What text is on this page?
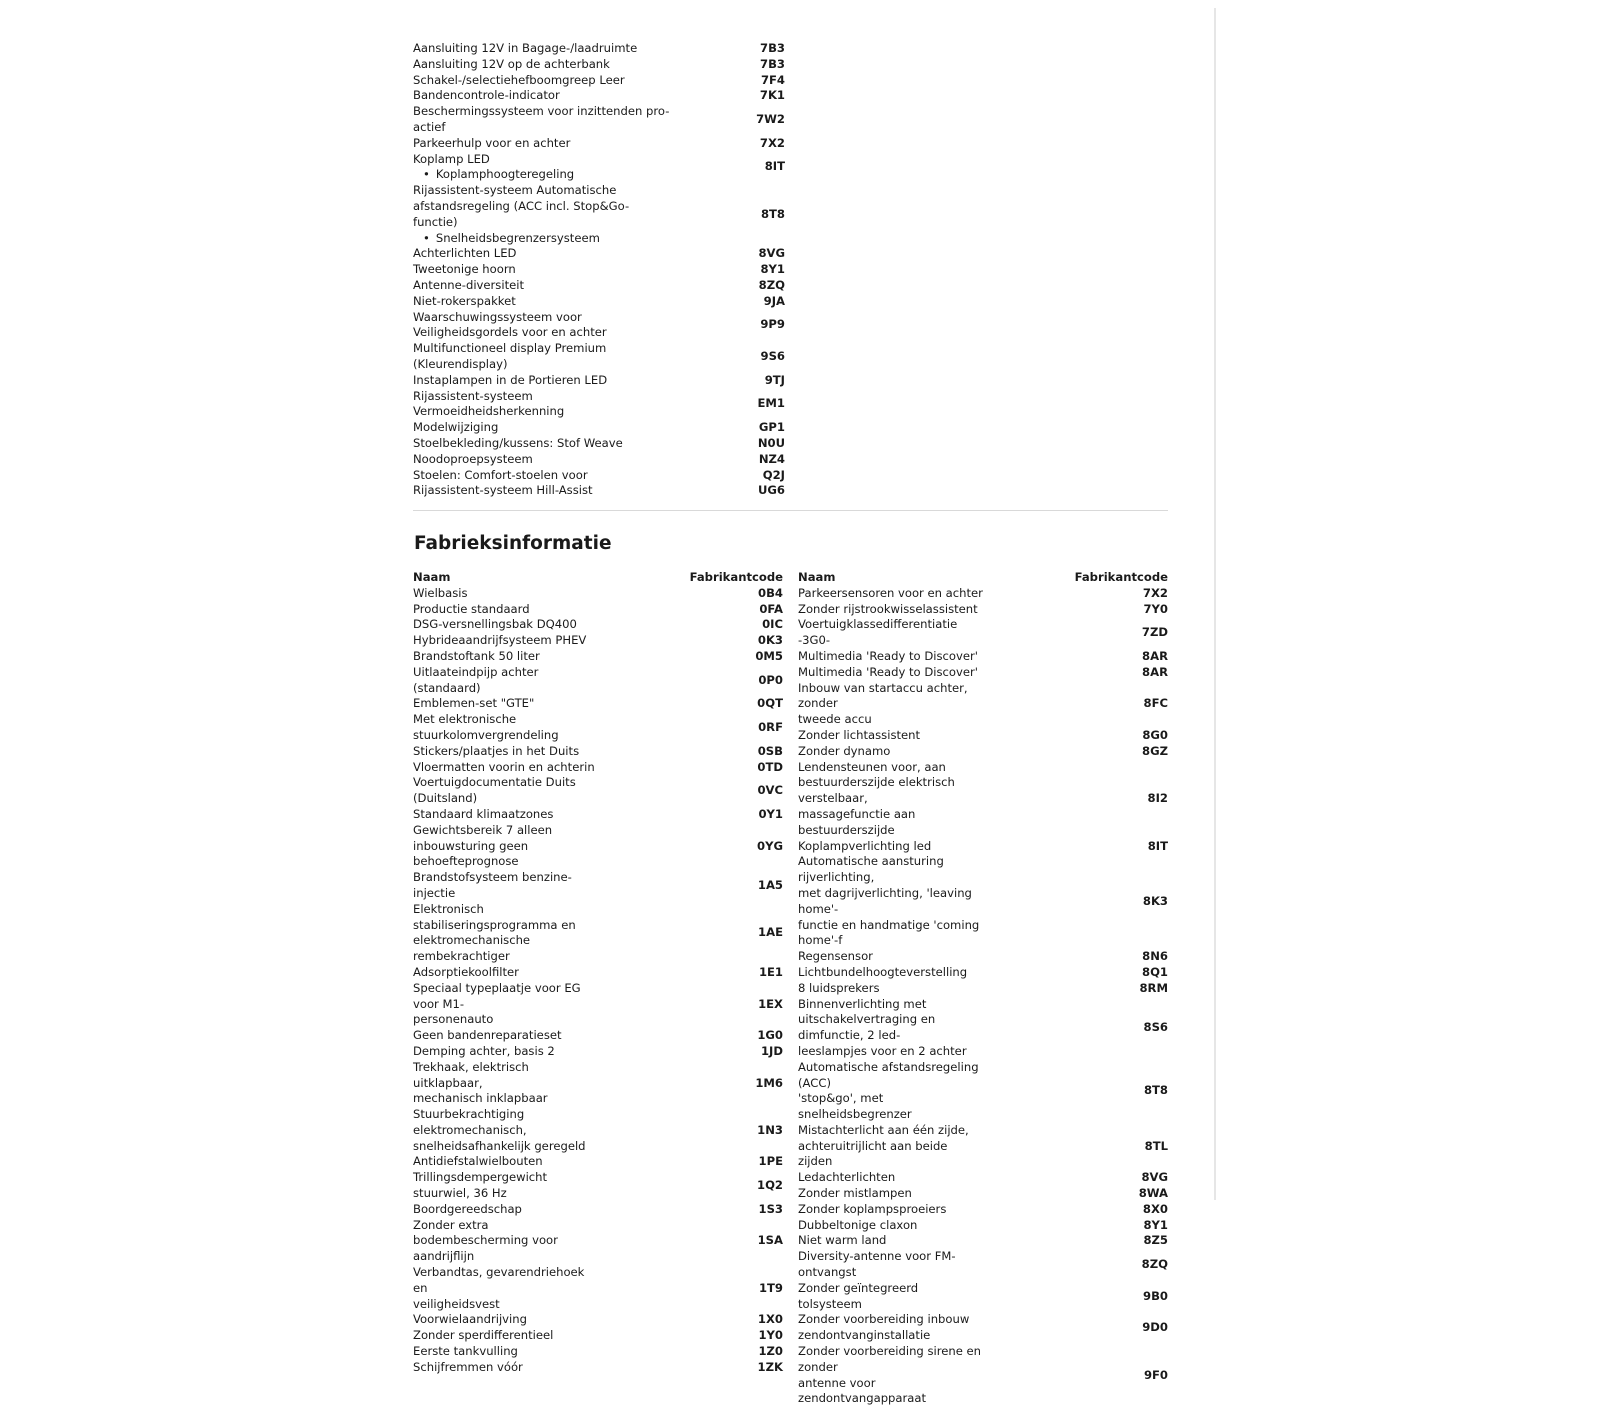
Aansluiting 12V in Bagage-/laadruimte	7B3

Aansluiting 12V op de achterbank	7B3

Schakel-/selectiehefboomgreep Leer	7F4

Bandencontrole-indicator	7K1

Beschermingssysteem voor inzittenden pro-
actief	7W2

Parkeerhulp voor en achter	7X2

Koplamp LED
• Koplamphoogteregeling	8IT

Rijassistent-systeem Automatische
afstandsregeling (ACC incl. Stop&Go-
functie)
• Snelheidsbegrenzersysteem	8T8

Achterlichten LED	8VG

Tweetonige hoorn	8Y1

Antenne-diversiteit	8ZQ

Niet-rokerspakket	9JA

Waarschuwingssysteem voor
Veiligheidsgordels voor en achter	9P9

Multifunctioneel display Premium
(Kleurendisplay)	9S6

Instaplampen in de Portieren LED	9TJ

Rijassistent-systeem
Vermoeidheidsherkenning	EM1

Modelwijziging	GP1

Stoelbekleding/kussens: Stof Weave	N0U

Noodoproepsysteem	NZ4

Stoelen: Comfort-stoelen voor	Q2J

Rijassistent-systeem Hill-Assist	UG6
Fabrieksinformatie
Naam	Fabrikantcode

Wielbasis	0B4

Productie standaard	0FA

DSG-versnellingsbak DQ400	0IC

Hybrideaandrijfsysteem PHEV	0K3

Brandstoftank 50 liter	0M5

Uitlaateindpijp achter (standaard)	0P0

Emblemen-set "GTE"	0QT

Met elektronische stuurkolomvergrendeling	0RF

Stickers/plaatjes in het Duits	0SB

Vloermatten voorin en achterin	0TD

Voertuigdocumentatie Duits (Duitsland)	0VC

Standaard klimaatzones	0Y1

Gewichtsbereik 7 alleen inbouwsturing geen
behoefteprognose	0YG

Brandstofsysteem benzine-injectie	1A5

Elektronisch stabiliseringsprogramma en
elektromechanische rembekrachtiger	1AE

Adsorptiekoolfilter	1E1

Speciaal typeplaatje voor EG voor M1-
personenauto	1EX

Geen bandenreparatieset	1G0

Demping achter, basis 2	1JD

Trekhaak, elektrisch uitklapbaar,
mechanisch inklapbaar	1M6

Stuurbekrachtiging elektromechanisch,
snelheidsafhankelijk geregeld	1N3

Antidiefstalwielbouten	1PE

Trillingsdempergewicht stuurwiel, 36 Hz	1Q2

Boordgereedschap	1S3

Zonder extra bodembescherming voor
aandrijflijn	1SA

Verbandtas, gevarendriehoek en
veiligheidsvest	1T9

Voorwielaandrijving	1X0

Zonder sperdifferentieel	1Y0

Eerste tankvulling	1Z0

Schijfremmen vóór	1ZK
Naam	Fabrikantcode

Parkeersensoren voor en achter	7X2

Zonder rijstrookwisselassistent	7Y0

Voertuigklassedifferentiatie -3G0-	7ZD

Multimedia 'Ready to Discover'	8AR

Multimedia 'Ready to Discover'	8AR

Inbouw van startaccu achter, zonder
tweede accu	8FC

Zonder lichtassistent	8G0

Zonder dynamo	8GZ

Lendensteunen voor, aan
bestuurderszijde elektrisch verstelbaar,
massagefunctie aan bestuurderszijde	8I2

Koplampverlichting led	8IT

Automatische aansturing rijverlichting,
met dagrijverlichting, 'leaving home'-
functie en handmatige 'coming home'-f	8K3

Regensensor	8N6

Lichtbundelhoogteverstelling	8Q1

8 luidsprekers	8RM

Binnenverlichting met
uitschakelvertraging en dimfunctie, 2 led-
leeslampjes voor en 2 achter	8S6

Automatische afstandsregeling (ACC)
'stop&go', met snelheidsbegrenzer	8T8

Mistachterlicht aan één zijde,
achteruitrijlicht aan beide zijden	8TL

Ledachterlichten	8VG

Zonder mistlampen	8WA

Zonder koplampsproeiers	8X0

Dubbeltonige claxon	8Y1

Niet warm land	8Z5

Diversity-antenne voor FM-ontvangst	8ZQ

Zonder geïntegreerd tolsysteem	9B0

Zonder voorbereiding inbouw
zendontvanginstallatie	9D0

Zonder voorbereiding sirene en zonder
antenne voor zendontvangapparaat	9F0
